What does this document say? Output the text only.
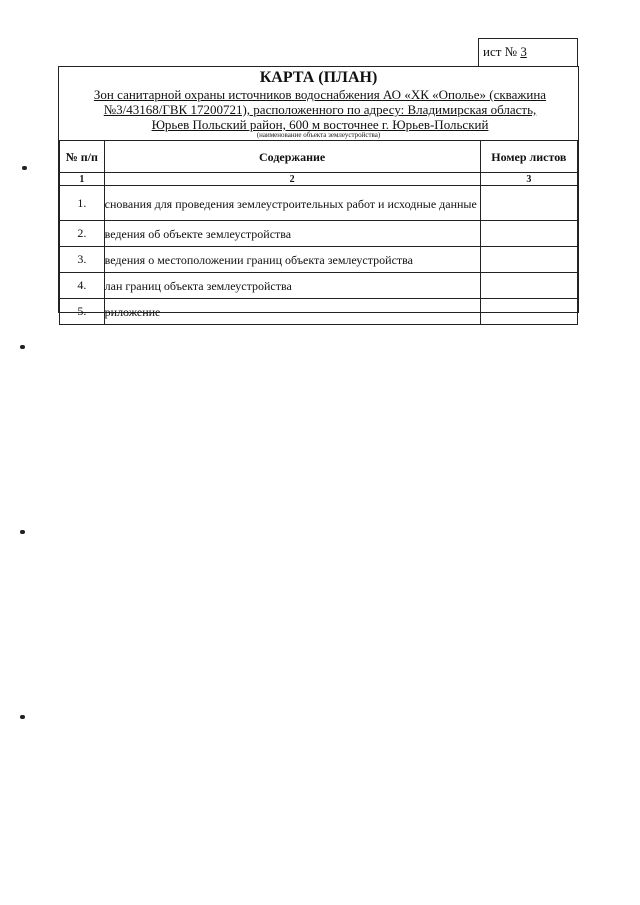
ист № 3
КАРТА (ПЛАН)
Зон санитарной охраны источников водоснабжения АО «ХК «Ополье» (скважина №3/43168/ГВК 17200721), расположенного по адресу: Владимирская область, Юрьев Польский район, 600 м восточнее г. Юрьев-Польский
(наименование объекта землеустройства)
№ п/п	Содержание	Номер листов
1	2	3
1.	снования для проведения землеустроительных работ и исходные данные	
2.	ведения об объекте землеустройства	
3.	ведения о местоположении границ объекта землеустройства	
4.	лан границ объекта землеустройства	
5.	риложение	
